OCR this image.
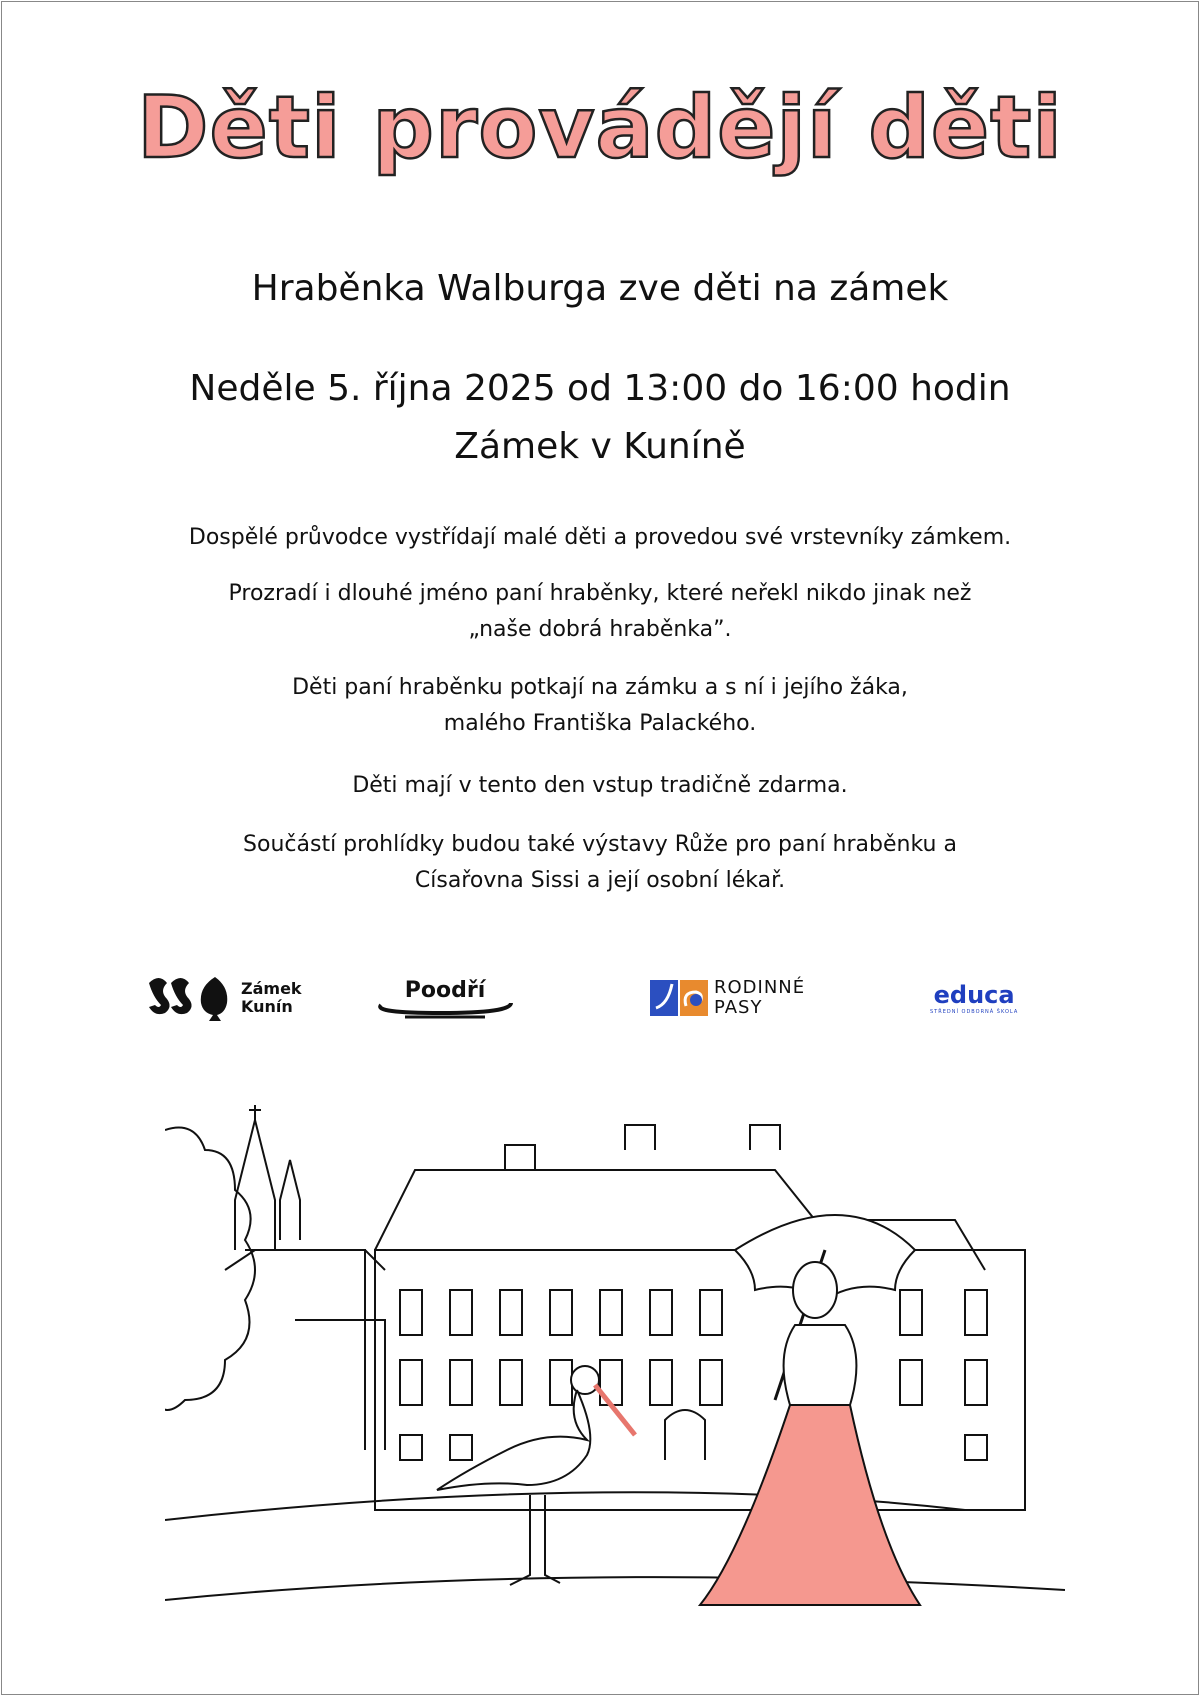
Děti provádějí děti
Hraběnka Walburga zve děti na zámek
Neděle 5. října 2025 od 13:00 do 16:00 hodin
Zámek v Kuníně
Dospělé průvodce vystřídají malé děti a provedou své vrstevníky zámkem.
Prozradí i dlouhé jméno paní hraběnky, které neřekl nikdo jinak než
„naše dobrá hraběnka”.
Děti paní hraběnku potkají na zámku a s ní i jejího žáka,
malého Františka Palackého.
Děti mají v tento den vstup tradičně zdarma.
Součástí prohlídky budou také výstavy Růže pro paní hraběnku a
Císařovna Sissi a její osobní lékař.
Zámek
Kunín
Poodří	RODINNÉ
PASY	educa
STŘEDNÍ ODBORNÁ ŠKOLA
